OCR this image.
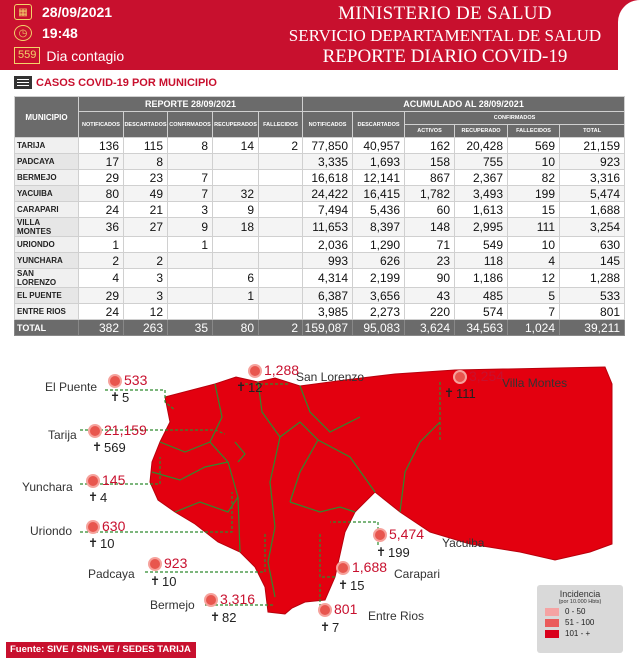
▦	28/09/2021
◷	19:48
559 Dia contagio
MINISTERIO DE SALUD
SERVICIO DEPARTAMENTAL DE SALUD
REPORTE DIARIO COVID-19
CASOS COVID-19 POR MUNICIPIO
MUNICIPIO	REPORTE 28/09/2021					ACUMULADO AL 28/09/2021					
	NOTIFICADOS	DESCARTADOS	CONFIRMADOS	RECUPERADOS	FALLECIDOS	NOTIFICADOS	DESCARTADOS	CONFIRMADOS			
								ACTIVOS	RECUPERADO	FALLECIDOS	TOTAL
TARIJA	136	115	8	14	2	77,850	40,957	162	20,428	569	21,159
PADCAYA	17	8				3,335	1,693	158	755	10	923
BERMEJO	29	23	7			16,618	12,141	867	2,367	82	3,316
YACUIBA	80	49	7	32		24,422	16,415	1,782	3,493	199	5,474
CARAPARI	24	21	3	9		7,494	5,436	60	1,613	15	1,688
VILLA MONTES	36	27	9	18		11,653	8,397	148	2,995	111	3,254
URIONDO	1		1			2,036	1,290	71	549	10	630
YUNCHARA	2	2				993	626	23	118	4	145
SAN LORENZO	4	3		6		4,314	2,199	90	1,186	12	1,288
EL PUENTE	29	3		1		6,387	3,656	43	485	5	533
ENTRE RIOS	24	12				3,985	2,273	220	574	7	801
TOTAL	382	263	35	80	2	159,087	95,083	3,624	34,563	1,024	39,211
El Puente 533
✝ 5
San Lorenzo
1,288
✝ 12	Villa Montes
3,254
✝ 111
Tarija 21,159
✝ 569
Yunchara 145
✝ 4
Uriondo 630
✝ 10	Yacuiba
5,474
✝ 199
Carapari
1,688
✝ 15
Padcaya
923
✝ 10
Bermejo 3,316
✝ 82	Entre Rios
801
✝ 7
Incidencia
(por 10.000 Hbts)
0 - 50
51 - 100
101 - +
Fuente: SIVE / SNIS-VE / SEDES TARIJA
